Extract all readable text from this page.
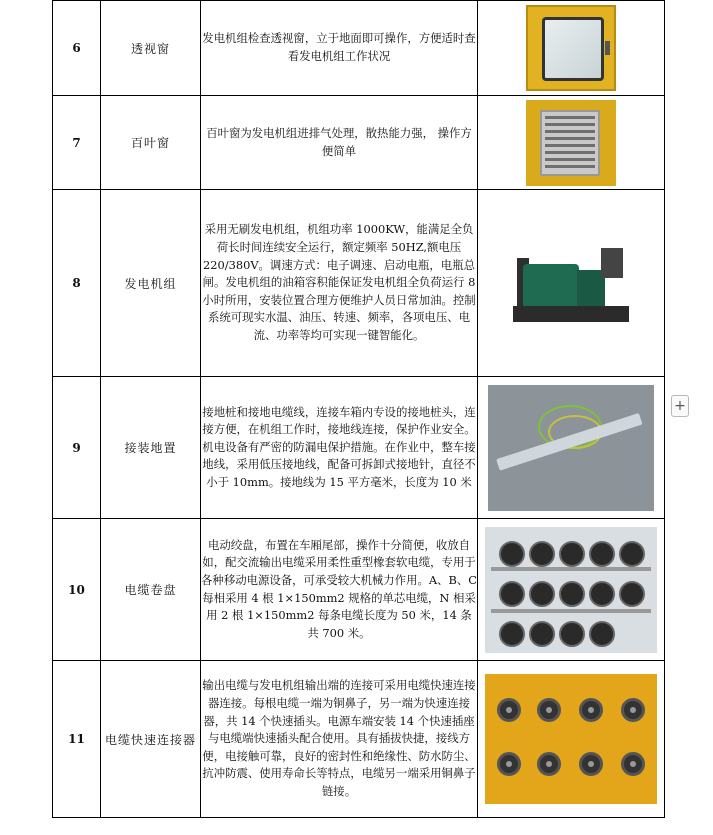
6	透视窗	发电机组检查透视窗，立于地面即可操作，方便适时查看发电机组工作状况	

7	百叶窗	百叶窗为发电机组进排气处理，散热能力强， 操作方便简单	

8	发电机组	采用无刷发电机组，机组功率 1000KW，能满足全负荷长时间连续安全运行，额定频率 50HZ,额电压 220/380V。调速方式：电子调速、启动电瓶，电瓶总闸。发电机组的油箱容积能保证发电机组全负荷运行 8 小时所用，安装位置合理方便维护人员日常加油。控制系统可现实水温、油压、转速、频率，各项电压、电流、功率等均可实现一键智能化。	

9	接装地置	接地桩和接地电缆线，连接车箱内专设的接地桩头，连接方便，在机组工作时，接地线连接，保护作业安全。机电设备有严密的防漏电保护措施。在作业中，整车接地线，采用低压接地线，配备可拆卸式接地针，直径不小于 10mm。接地线为 15 平方毫米，长度为 10 米	

10	电缆卷盘	电动绞盘，布置在车厢尾部，操作十分简便，收放自如，配交流输出电缆采用柔性重型橡套软电缆，专用于各种移动电源设备，可承受较大机械力作用。A、B、C 每相采用 4 根 1×150mm2 规格的单芯电缆，N 相采用 2 根 1×150mm2 每条电缆长度为 50 米，14 条共 700 米。	

11	电缆快速连接器	输出电缆与发电机组输出端的连接可采用电缆快速连接器连接。每根电缆一端为铜鼻子，另一端为快速连接器，共 14 个快速插头。电源车端安装 14 个快速插座与电缆端快速插头配合使用。具有插拔快捷，接线方便，电接触可靠，良好的密封性和绝缘性、防水防尘、抗冲防震、使用寿命长等特点，电缆另一端采用铜鼻子链接。	
+
